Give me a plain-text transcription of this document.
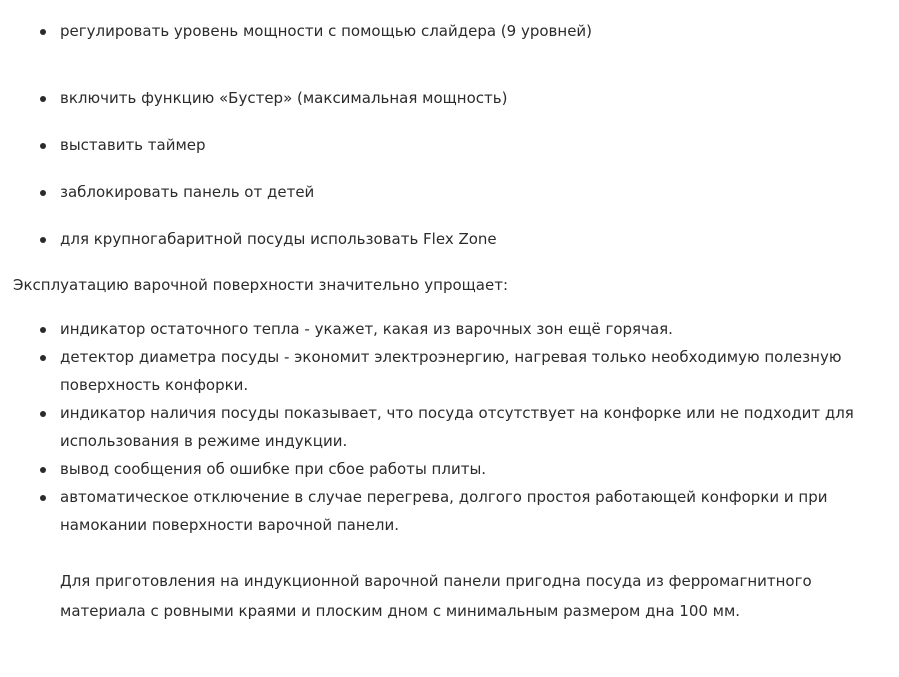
регулировать уровень мощности с помощью слайдера (9 уровней)
включить функцию «Бустер» (максимальная мощность)
выставить таймер
заблокировать панель от детей
для крупногабаритной посуды использовать Flex Zone
Эксплуатацию варочной поверхности значительно упрощает:
индикатор остаточного тепла - укажет, какая из варочных зон ещё горячая.
детектор диаметра посуды - экономит электроэнергию, нагревая только необходимую полезную поверхность конфорки.
индикатор наличия посуды показывает, что посуда отсутствует на конфорке или не подходит для использования в режиме индукции.
вывод сообщения об ошибке при сбое работы плиты.
автоматическое отключение в случае перегрева, долгого простоя работающей конфорки и при намокании поверхности варочной панели.

Для приготовления на индукционной варочной панели пригодна посуда из ферромагнитного материала с ровными краями и плоским дном с минимальным размером дна 100 мм.
